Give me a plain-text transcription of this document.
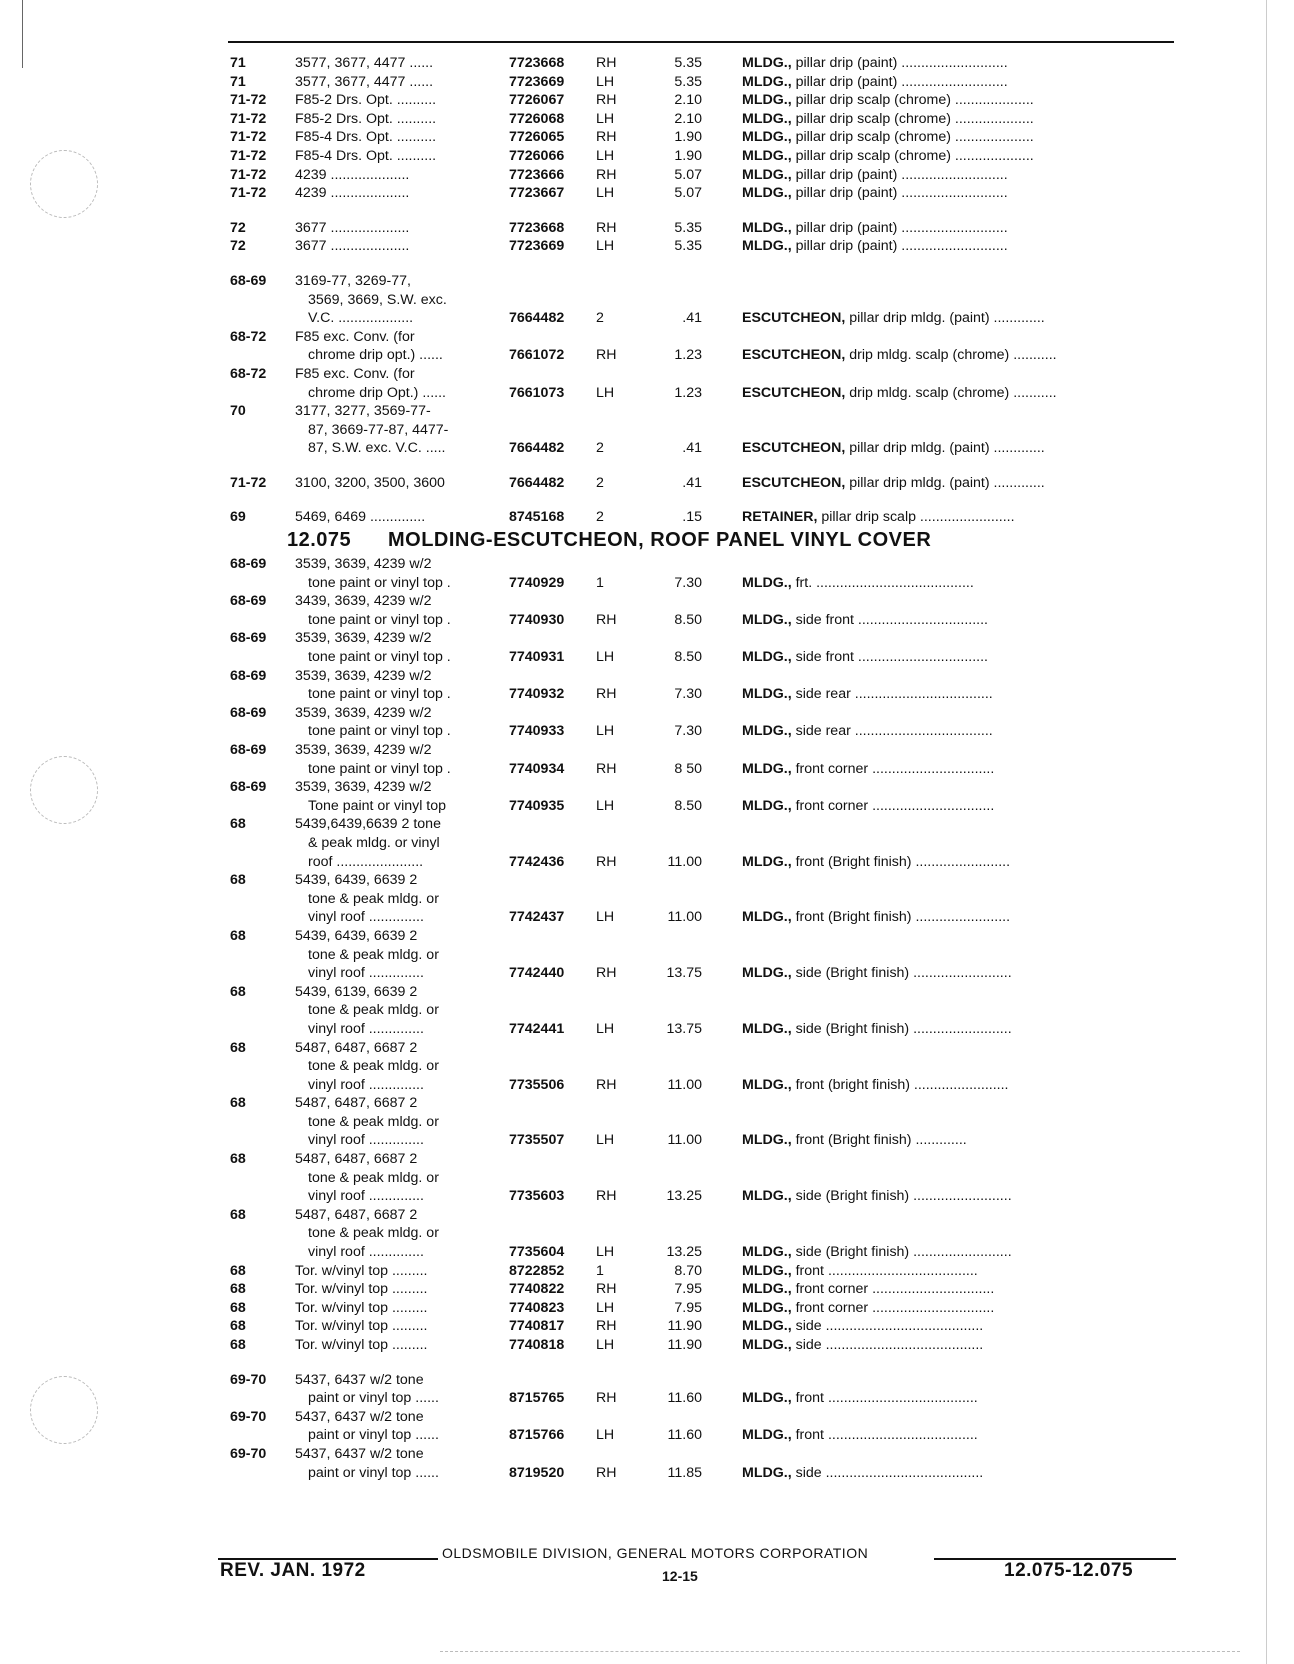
71	3577, 3677, 4477 ......	7723668 RH	5.35	MLDG., pillar drip (paint) ...........................
71	3577, 3677, 4477 ......	7723669 LH	5.35	MLDG., pillar drip (paint) ...........................
71-72 F85-2 Drs. Opt. ..........	7726067 RH	2.10	MLDG., pillar drip scalp (chrome) ....................
71-72 F85-2 Drs. Opt. ..........	7726068 LH	2.10	MLDG., pillar drip scalp (chrome) ....................
71-72 F85-4 Drs. Opt. ..........	7726065 RH	1.90	MLDG., pillar drip scalp (chrome) ....................
71-72 F85-4 Drs. Opt. ..........	7726066 LH	1.90	MLDG., pillar drip scalp (chrome) ....................
71-72 4239 ....................	7723666 RH	5.07	MLDG., pillar drip (paint) ...........................
71-72 4239 ....................	7723667 LH	5.07	MLDG., pillar drip (paint) ...........................
72	3677 ....................	7723668 RH	5.35	MLDG., pillar drip (paint) ...........................
72	3677 ....................	7723669 LH	5.35	MLDG., pillar drip (paint) ...........................
68-69 3169-77, 3269-77,
3569, 3669, S.W. exc.
V.C. ...................	7664482 2	.41	ESCUTCHEON, pillar drip mldg. (paint) .............
68-72 F85 exc. Conv. (for
chrome drip opt.) ......	7661072 RH	1.23	ESCUTCHEON, drip mldg. scalp (chrome) ...........
68-72 F85 exc. Conv. (for
chrome drip Opt.) ......	7661073 LH	1.23	ESCUTCHEON, drip mldg. scalp (chrome) ...........
70	3177, 3277, 3569-77-
87, 3669-77-87, 4477-
87, S.W. exc. V.C. .....	7664482 2	.41	ESCUTCHEON, pillar drip mldg. (paint) .............
71-72 3100, 3200, 3500, 3600	7664482 2	.41	ESCUTCHEON, pillar drip mldg. (paint) .............
69	5469, 6469 ..............	8745168 2	.15	RETAINER, pillar drip scalp ........................
12.075 MOLDING-ESCUTCHEON, ROOF PANEL VINYL COVER
68-69 3539, 3639, 4239 w/2
tone paint or vinyl top .	7740929 1	7.30	MLDG., frt. ........................................
68-69 3439, 3639, 4239 w/2
tone paint or vinyl top .	7740930 RH	8.50	MLDG., side front .................................
68-69 3539, 3639, 4239 w/2
tone paint or vinyl top .	7740931 LH	8.50	MLDG., side front .................................
68-69 3539, 3639, 4239 w/2
tone paint or vinyl top .	7740932 RH	7.30	MLDG., side rear ...................................
68-69 3539, 3639, 4239 w/2
tone paint or vinyl top .	7740933 LH	7.30	MLDG., side rear ...................................
68-69 3539, 3639, 4239 w/2
tone paint or vinyl top .	7740934 RH	8 50	MLDG., front corner ...............................
68-69 3539, 3639, 4239 w/2
Tone paint or vinyl top	7740935 LH	8.50	MLDG., front corner ...............................
68	5439,6439,6639 2 tone
& peak mldg. or vinyl
roof ......................	7742436 RH	11.00	MLDG., front (Bright finish) ........................
68	5439, 6439, 6639 2
tone & peak mldg. or
vinyl roof ..............	7742437 LH	11.00	MLDG., front (Bright finish) ........................
68	5439, 6439, 6639 2
tone & peak mldg. or
vinyl roof ..............	7742440 RH	13.75	MLDG., side (Bright finish) .........................
68	5439, 6139, 6639 2
tone & peak mldg. or
vinyl roof ..............	7742441 LH	13.75	MLDG., side (Bright finish) .........................
68	5487, 6487, 6687 2
tone & peak mldg. or
vinyl roof ..............	7735506 RH	11.00	MLDG., front (bright finish) ........................
68	5487, 6487, 6687 2
tone & peak mldg. or
vinyl roof ..............	7735507 LH	11.00	MLDG., front (Bright finish) .............
68	5487, 6487, 6687 2
tone & peak mldg. or
vinyl roof ..............	7735603 RH	13.25	MLDG., side (Bright finish) .........................
68	5487, 6487, 6687 2
tone & peak mldg. or
vinyl roof ..............	7735604 LH	13.25	MLDG., side (Bright finish) .........................
68	Tor. w/vinyl top .........	8722852 1	8.70	MLDG., front ......................................
68	Tor. w/vinyl top .........	7740822 RH	7.95	MLDG., front corner ...............................
68	Tor. w/vinyl top .........	7740823 LH	7.95	MLDG., front corner ...............................
68	Tor. w/vinyl top .........	7740817 RH	11.90	MLDG., side ........................................
68	Tor. w/vinyl top .........	7740818 LH	11.90	MLDG., side ........................................
69-70 5437, 6437 w/2 tone
paint or vinyl top ......	8715765 RH	11.60	MLDG., front ......................................
69-70 5437, 6437 w/2 tone
paint or vinyl top ......	8715766 LH	11.60	MLDG., front ......................................
69-70 5437, 6437 w/2 tone
paint or vinyl top ......	8719520 RH	11.85	MLDG., side ........................................
OLDSMOBILE DIVISION, GENERAL MOTORS CORPORATION
REV. JAN. 1972	12-15	12.075-12.075
